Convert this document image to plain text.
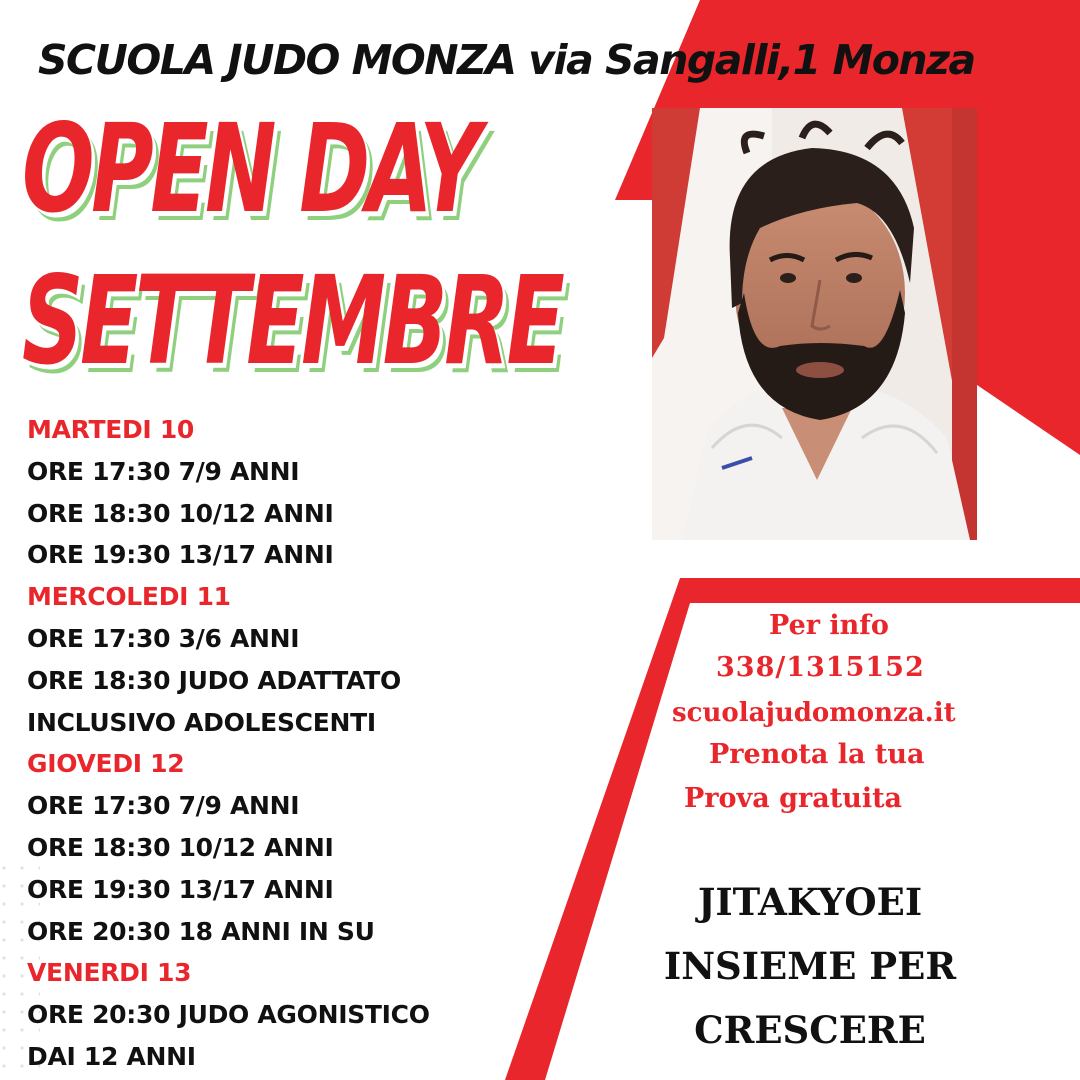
SCUOLA JUDO MONZA via Sangalli,1 Monza
OPEN DAY
SETTEMBRE
MARTEDI 10
ORE 17:30 7/9 ANNI
ORE 18:30 10/12 ANNI
ORE 19:30 13/17 ANNI
MERCOLEDI 11
ORE 17:30 3/6 ANNI
ORE 18:30 JUDO ADATTATO
INCLUSIVO ADOLESCENTI
GIOVEDI 12
ORE 17:30 7/9 ANNI
ORE 18:30 10/12 ANNI
ORE 19:30 13/17 ANNI
ORE 20:30 18 ANNI IN SU
VENERDI 13
ORE 20:30 JUDO AGONISTICO
DAI 12 ANNI
Per info
338/1315152
scuolajudomonza.it
Prenota la tua
Prova gratuita
JITAKYOEI
INSIEME PER
CRESCERE
